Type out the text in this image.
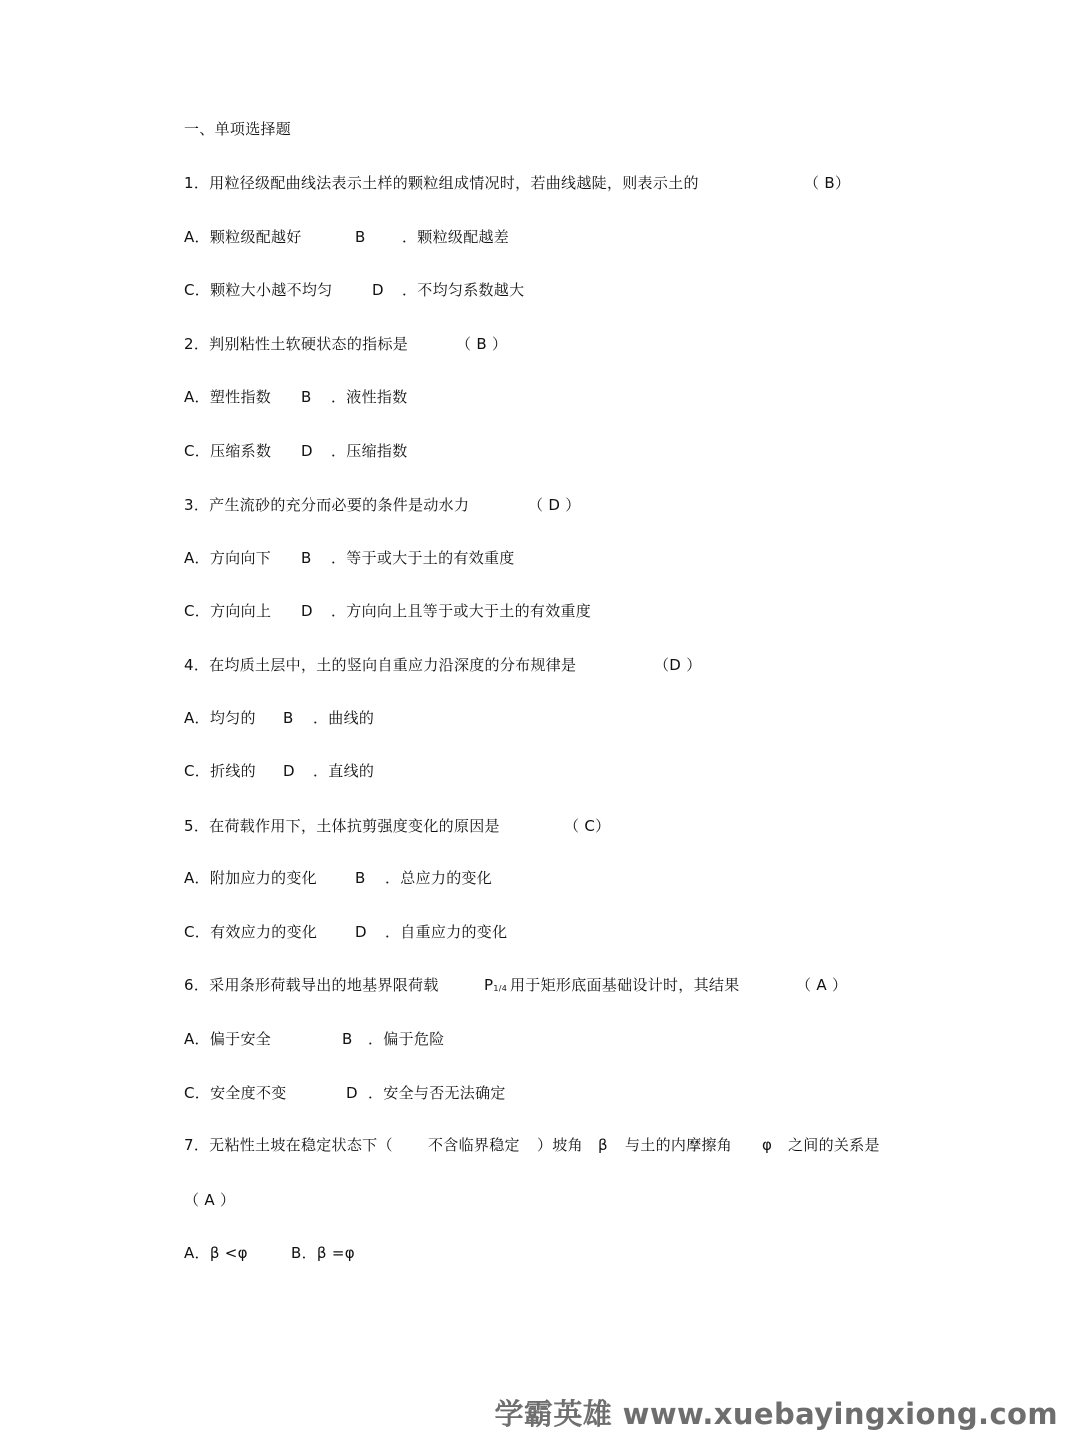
一、单项选择题

1．用粒径级配曲线法表示土样的颗粒组成情况时，若曲线越陡，则表示土的

	（ B）

A．颗粒级配越好

	B

．颗粒级配越差

C．颗粒大小越不均匀

	D

．不均匀系数越大

2．判别粘性土软硬状态的指标是

	（ B ）

A．塑性指数

B

．液性指数

C．压缩系数

D

．压缩指数

3．产生流砂的充分而必要的条件是动水力

	（ D ）

A．方向向下

B

．等于或大于土的有效重度

C．方向向上

D

．方向向上且等于或大于土的有效重度

4．在均质土层中，土的竖向自重应力沿深度的分布规律是

	（D ）

A．均匀的

B

．曲线的

C．折线的

D

．直线的

5．在荷载作用下，土体抗剪强度变化的原因是

	（ C）

A．附加应力的变化

	B

．总应力的变化

C．有效应力的变化

	D

．自重应力的变化

6．采用条形荷载导出的地基界限荷载

	P1/4

用于矩形底面基础设计时，其结果

	（ A ）

A．偏于安全

	B

．偏于危险

C．安全度不变

	D

．安全与否无法确定

7．无粘性土坡在稳定状态下（

不含临界稳定

）坡角

β

与土的内摩擦角

φ

之间的关系是

（ A ）

A．β <φ

	B．β =φ

学霸英雄 www.xuebayingxiong.com
